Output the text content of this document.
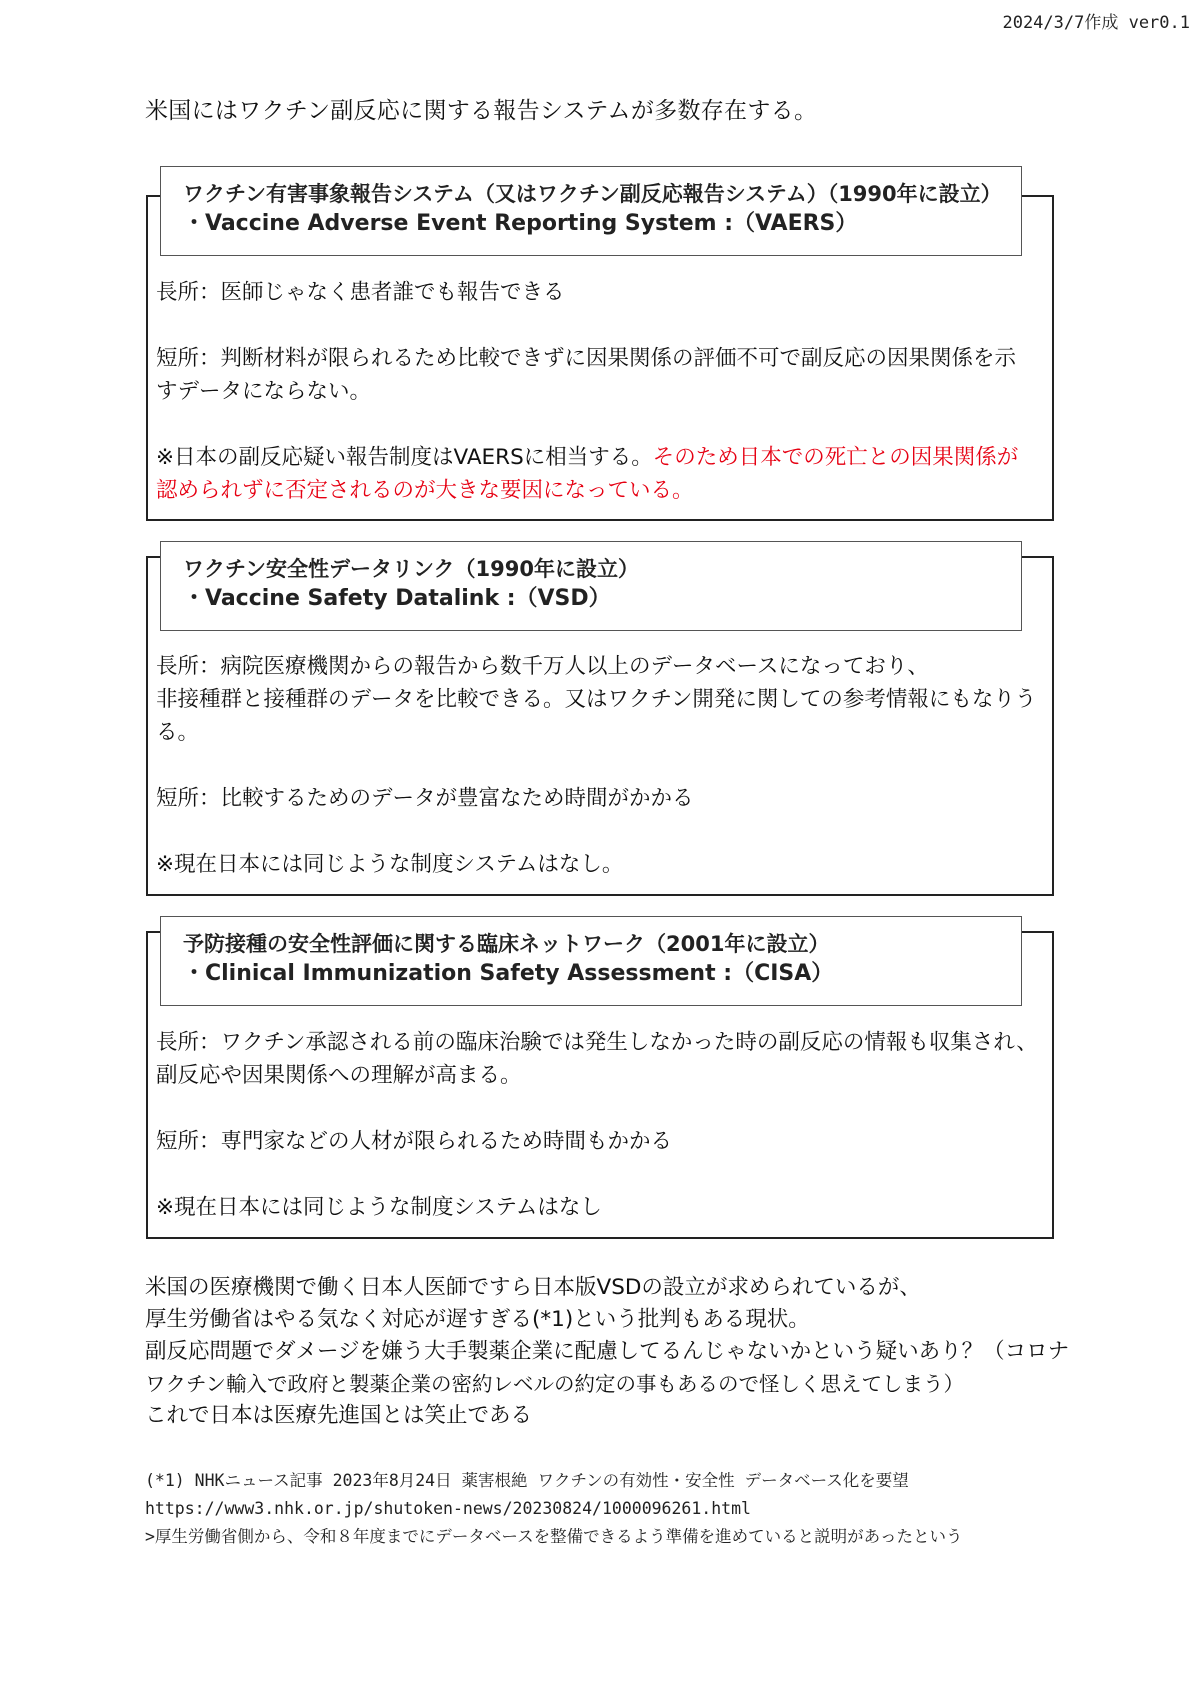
2024/3/7作成 ver0.1
米国にはワクチン副反応に関する報告システムが多数存在する。
ワクチン有害事象報告システム（又はワクチン副反応報告システム）（1990年に設立）
・Vaccine Adverse Event Reporting System :（VAERS）
長所：医師じゃなく患者誰でも報告できる
短所：判断材料が限られるため比較できずに因果関係の評価不可で副反応の因果関係を示
すデータにならない。
※日本の副反応疑い報告制度はVAERSに相当する。そのため日本での死亡との因果関係が
認められずに否定されるのが大きな要因になっている。
ワクチン安全性データリンク（1990年に設立）
・Vaccine Safety Datalink :（VSD）
長所：病院医療機関からの報告から数千万人以上のデータベースになっており、
非接種群と接種群のデータを比較できる。又はワクチン開発に関しての参考情報にもなりう
る。
短所：比較するためのデータが豊富なため時間がかかる
※現在日本には同じような制度システムはなし。
予防接種の安全性評価に関する臨床ネットワーク（2001年に設立）
・Clinical Immunization Safety Assessment :（CISA）
長所：ワクチン承認される前の臨床治験では発生しなかった時の副反応の情報も収集され、
副反応や因果関係への理解が高まる。
短所：専門家などの人材が限られるため時間もかかる
※現在日本には同じような制度システムはなし
米国の医療機関で働く日本人医師ですら日本版VSDの設立が求められているが、
厚生労働省はやる気なく対応が遅すぎる(*1)という批判もある現状。
副反応問題でダメージを嫌う大手製薬企業に配慮してるんじゃないかという疑いあり？（コロナ
ワクチン輸入で政府と製薬企業の密約レベルの約定の事もあるので怪しく思えてしまう）
これで日本は医療先進国とは笑止である
(*1) NHKニュース記事 2023年8月24日 薬害根絶 ワクチンの有効性・安全性 データベース化を要望
https://www3.nhk.or.jp/shutoken-news/20230824/1000096261.html
>厚生労働省側から、令和８年度までにデータベースを整備できるよう準備を進めていると説明があったという
